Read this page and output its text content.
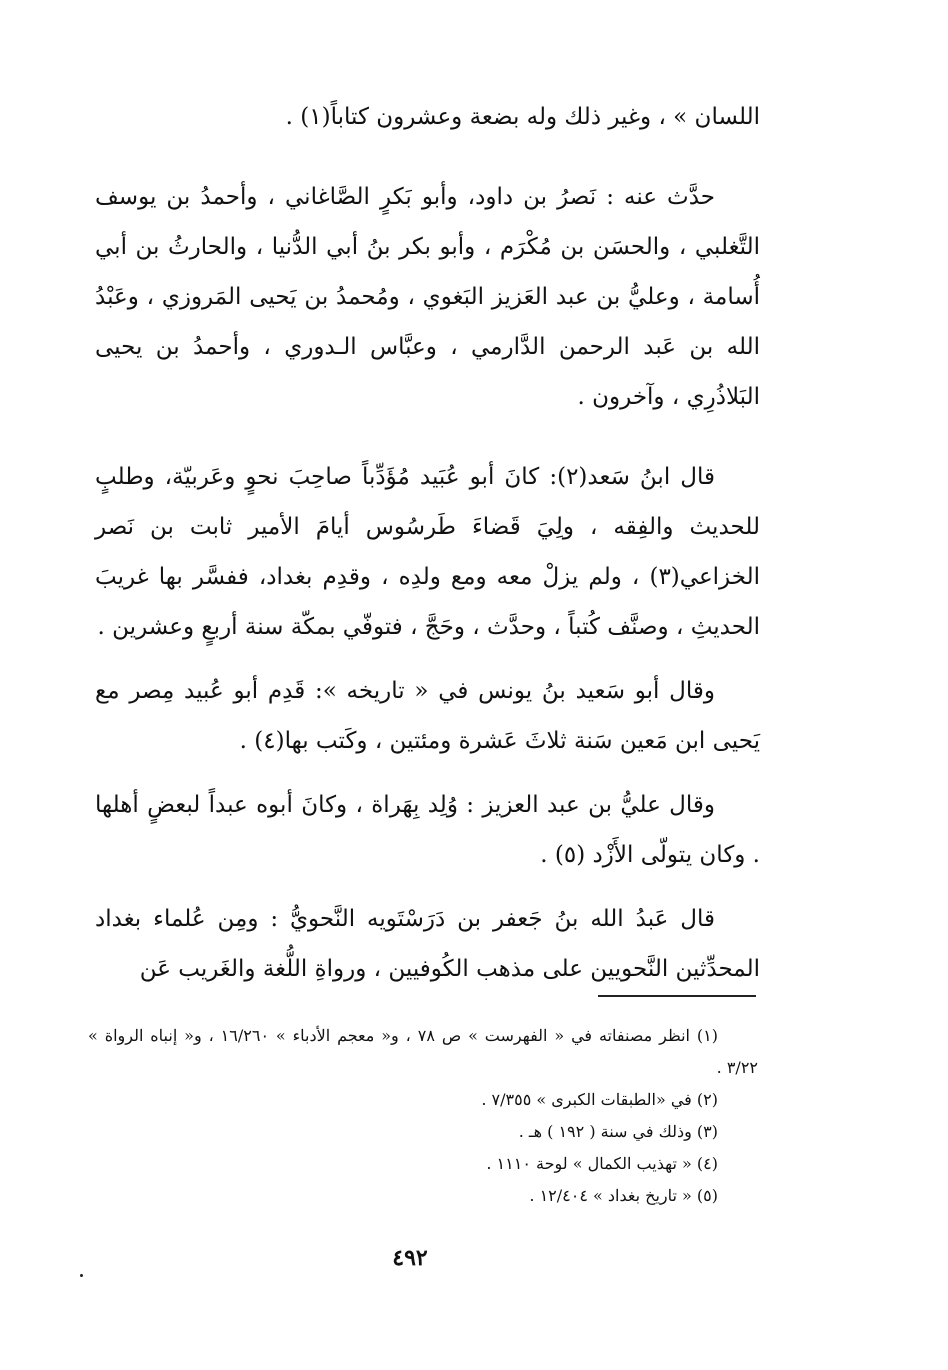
اللسان » ، وغير ذلك وله بضعة وعشرون كتاباً(١) .

حدَّث عنه : نَصرُ بن داود، وأبو بَكرٍ الصَّاغاني ، وأحمدُ بن يوسف التَّغلبي ، والحسَن بن مُكْرَم ، وأبو بكر بنُ أبي الدُّنيا ، والحارثُ بن أبي أُسامة ، وعليُّ بن عبد العَزيز البَغوي ، ومُحمدُ بن يَحيى المَروزي ، وعَبْدُ الله بن عَبد الرحمن الدَّارمي ، وعبَّاس الـدوري ، وأحمدُ بن يحيى البَلاذُرِي ، وآخرون .

قال ابنُ سَعد(٢): كانَ أبو عُبَيد مُؤَدِّباً صاحِبَ نحوٍ وعَربيّة، وطلبٍ للحديث والفِقه ، ولِيَ قَضاءَ طَرسُوس أيامَ الأمير ثابت بن نَصر الخزاعي(٣) ، ولم يزلْ معه ومع ولدِه ، وقدِم بغداد، ففسَّر بها غريبَ الحديثِ ، وصنَّف كُتباً ، وحدَّث ، وحَجَّ ، فتوفّي بمكّة سنة أربعٍ وعشرين .

وقال أبو سَعيد بنُ يونس في « تاريخه »: قَدِم أبو عُبيد مِصر مع يَحيى ابن مَعين سَنة ثلاثَ عَشرة ومئتين ، وكَتب بها(٤) .

وقال عليُّ بن عبد العزيز : وُلِد بِهَراة ، وكانَ أبوه عبداً لبعضٍ أهلها . وكان يتولّى الأَزْد (٥) .

قال عَبدُ الله بنُ جَعفر بن دَرَسْتَويه النَّحويُّ : ومِن عُلماء بغداد المحدِّثين النَّحويين على مذهب الكُوفيين ، ورواةِ اللُّغة والغَريب عَن

(١) انظر مصنفاته في « الفهرست » ص ٧٨ ، و« معجم الأدباء » ١٦/٢٦٠ ، و« إنباه الرواة » ٣/٢٢ .

(٢) في «الطبقات الكبرى » ٧/٣٥٥ .

(٣) وذلك في سنة ( ١٩٢ ) هـ .

(٤) « تهذيب الكمال » لوحة ١١١٠ .

(٥) « تاريخ بغداد » ١٢/٤٠٤ .

٤٩٢
